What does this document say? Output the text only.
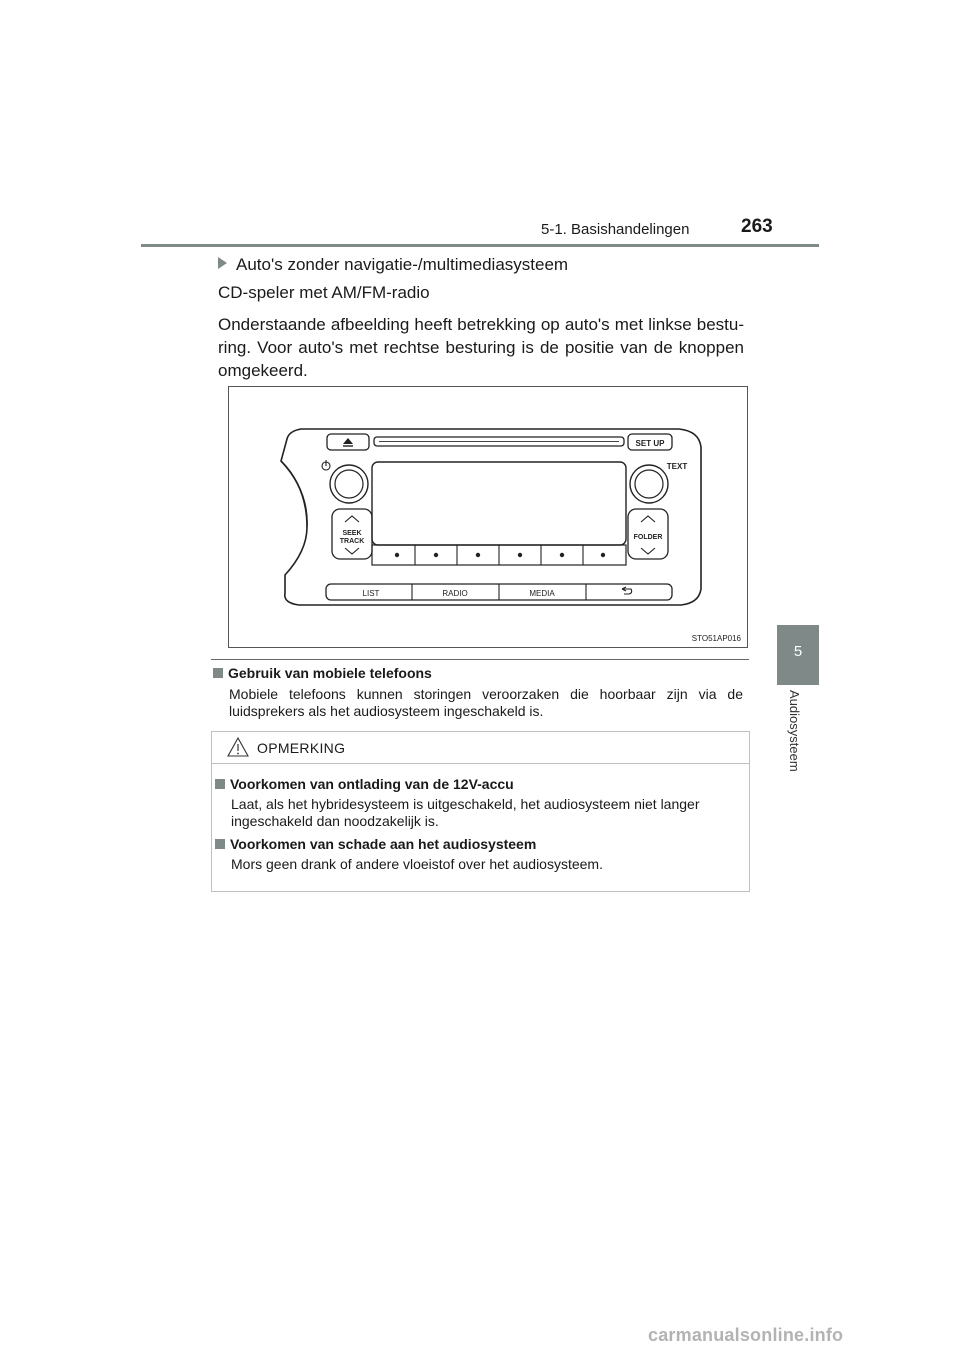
5-1. Basishandelingen	263
5
Audiosysteem
Auto's zonder navigatie-/multimediasysteem
CD-speler met AM/FM-radio
Onderstaande afbeelding heeft betrekking op auto's met linkse bestu-ring. Voor auto's met rechtse besturing is de positie van de knoppen omgekeerd.
SET UP
TEXT
SEEK
TRACK
FOLDER
LIST	RADIO	MEDIA
STO51AP016
Gebruik van mobiele telefoons
Mobiele telefoons kunnen storingen veroorzaken die hoorbaar zijn via de luidsprekers als het audiosysteem ingeschakeld is.
OPMERKING
Voorkomen van ontlading van de 12V-accu
Laat, als het hybridesysteem is uitgeschakeld, het audiosysteem niet langer ingeschakeld dan noodzakelijk is.
Voorkomen van schade aan het audiosysteem
Mors geen drank of andere vloeistof over het audiosysteem.
carmanualsonline.info
